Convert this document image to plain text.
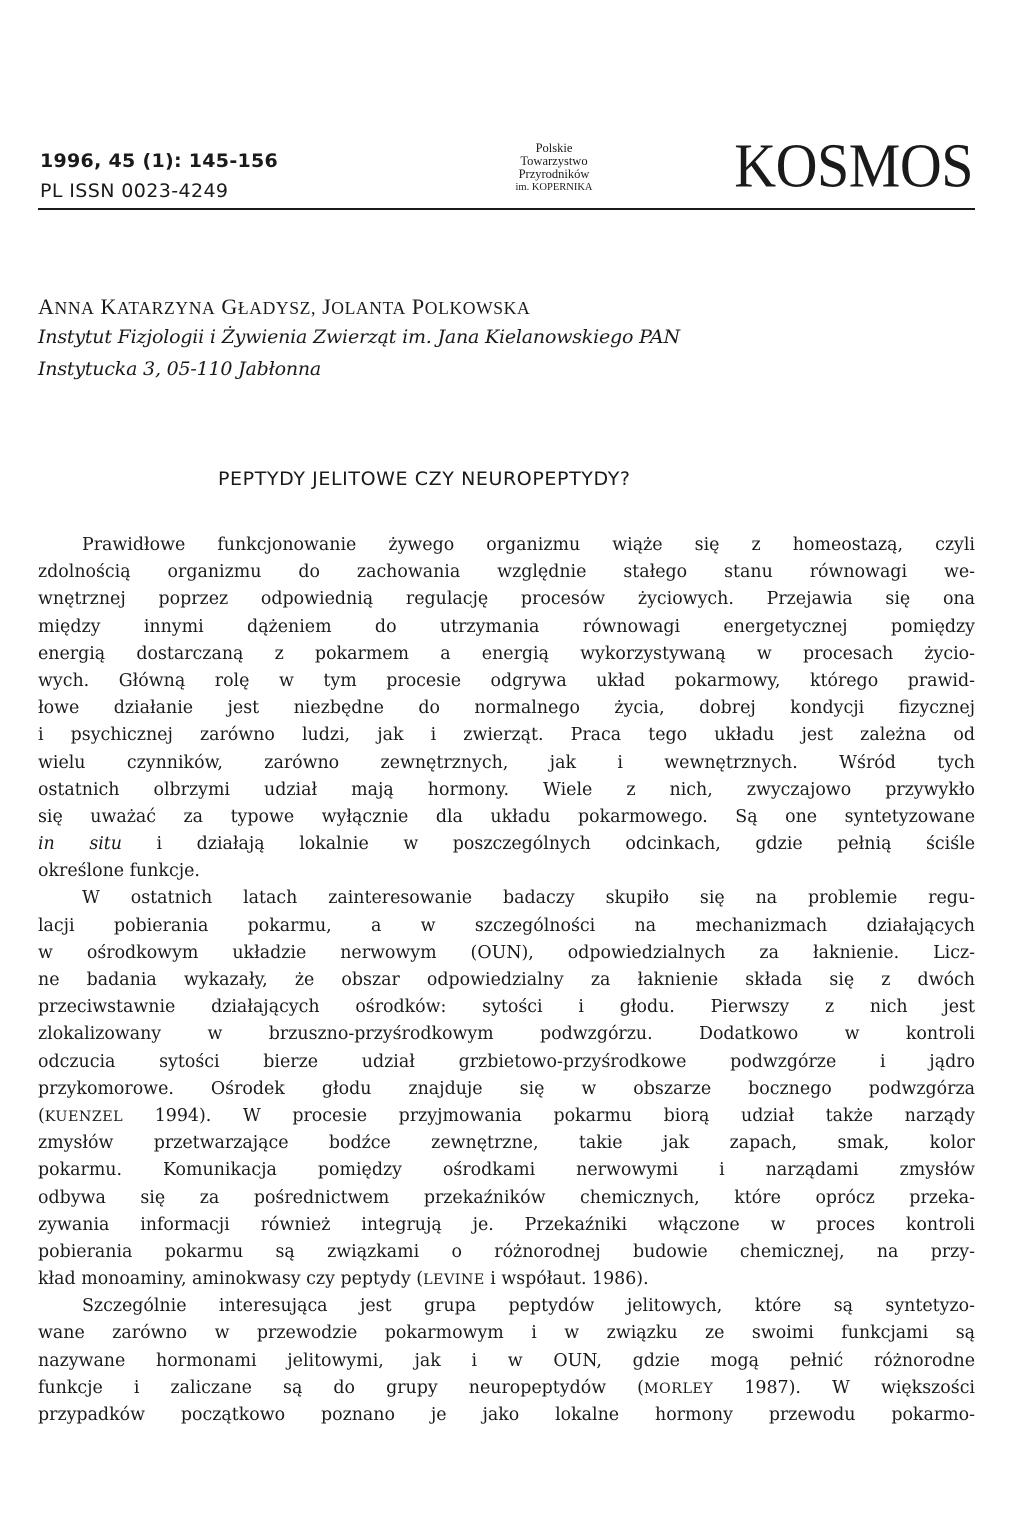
1996, 45 (1): 145-156
PL ISSN 0023-4249
Polskie
Towarzystwo
Przyrodników
im. KOPERNIKA	KOSMOS
ANNA KATARZYNA GŁADYSZ, JOLANTA POLKOWSKA
Instytut Fizjologii i Żywienia Zwierząt im. Jana Kielanowskiego PAN
Instytucka 3, 05-110 Jabłonna
PEPTYDY JELITOWE CZY NEUROPEPTYDY?
Prawidłowe funkcjonowanie żywego organizmu wiąże się z homeostazą, czyli
zdolnością organizmu do zachowania względnie stałego stanu równowagi we-
wnętrznej poprzez odpowiednią regulację procesów życiowych. Przejawia się ona
między innymi dążeniem do utrzymania równowagi energetycznej pomiędzy
energią dostarczaną z pokarmem a energią wykorzystywaną w procesach życio-
wych. Główną rolę w tym procesie odgrywa układ pokarmowy, którego prawid-
łowe działanie jest niezbędne do normalnego życia, dobrej kondycji fizycznej
i psychicznej zarówno ludzi, jak i zwierząt. Praca tego układu jest zależna od
wielu czynników, zarówno zewnętrznych, jak i wewnętrznych. Wśród tych
ostatnich olbrzymi udział mają hormony. Wiele z nich, zwyczajowo przywykło
się uważać za typowe wyłącznie dla układu pokarmowego. Są one syntetyzowane
in situ i działają lokalnie w poszczególnych odcinkach, gdzie pełnią ściśle
określone funkcje.
W ostatnich latach zainteresowanie badaczy skupiło się na problemie regu-
lacji pobierania pokarmu, a w szczególności na mechanizmach działających
w ośrodkowym układzie nerwowym (OUN), odpowiedzialnych za łaknienie. Licz-
ne badania wykazały, że obszar odpowiedzialny za łaknienie składa się z dwóch
przeciwstawnie działających ośrodków: sytości i głodu. Pierwszy z nich jest
zlokalizowany w brzuszno-przyśrodkowym podwzgórzu. Dodatkowo w kontroli
odczucia sytości bierze udział grzbietowo-przyśrodkowe podwzgórze i jądro
przykomorowe. Ośrodek głodu znajduje się w obszarze bocznego podwzgórza
(KUENZEL 1994). W procesie przyjmowania pokarmu biorą udział także narządy
zmysłów przetwarzające bodźce zewnętrzne, takie jak zapach, smak, kolor
pokarmu. Komunikacja pomiędzy ośrodkami nerwowymi i narządami zmysłów
odbywa się za pośrednictwem przekaźników chemicznych, które oprócz przeka-
zywania informacji również integrują je. Przekaźniki włączone w proces kontroli
pobierania pokarmu są związkami o różnorodnej budowie chemicznej, na przy-
kład monoaminy, aminokwasy czy peptydy (LEVINE i współaut. 1986).
Szczególnie interesująca jest grupa peptydów jelitowych, które są syntetyzo-
wane zarówno w przewodzie pokarmowym i w związku ze swoimi funkcjami są
nazywane hormonami jelitowymi, jak i w OUN, gdzie mogą pełnić różnorodne
funkcje i zaliczane są do grupy neuropeptydów (MORLEY 1987). W większości
przypadków początkowo poznano je jako lokalne hormony przewodu pokarmo-
